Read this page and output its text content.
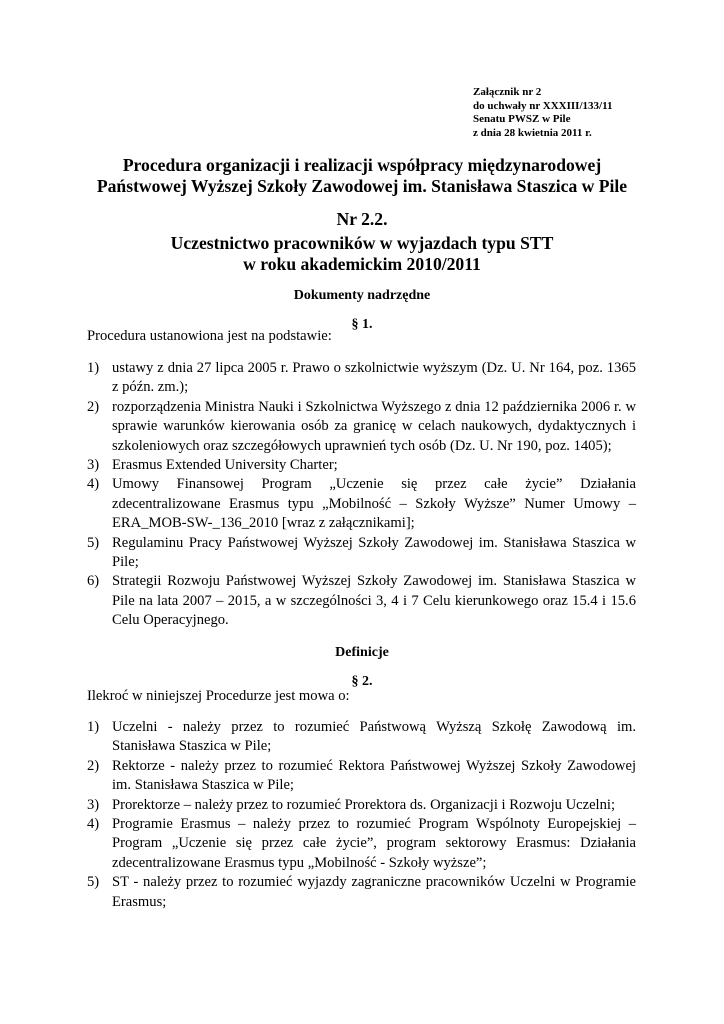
Załącznik nr 2
do uchwały nr XXXIII/133/11
Senatu PWSZ w Pile
z dnia 28 kwietnia 2011 r.
Procedura organizacji i realizacji współpracy międzynarodowej
Państwowej Wyższej Szkoły Zawodowej im. Stanisława Staszica w Pile
Nr 2.2.
Uczestnictwo pracowników w wyjazdach typu STT
w roku akademickim 2010/2011
Dokumenty nadrzędne
§ 1.
Procedura ustanowiona jest na podstawie:
1) ustawy z dnia 27 lipca 2005 r. Prawo o szkolnictwie wyższym (Dz. U. Nr 164, poz. 1365 z późn. zm.);
2) rozporządzenia Ministra Nauki i Szkolnictwa Wyższego z dnia 12 października 2006 r. w sprawie warunków kierowania osób za granicę w celach naukowych, dydaktycznych i szkoleniowych oraz szczegółowych uprawnień tych osób (Dz. U. Nr 190, poz. 1405);
3) Erasmus Extended University Charter;
4) Umowy Finansowej Program „Uczenie się przez całe życie” Działania zdecentralizowane Erasmus typu „Mobilność – Szkoły Wyższe” Numer Umowy – ERA_MOB-SW-_136_2010 [wraz z załącznikami];
5) Regulaminu Pracy Państwowej Wyższej Szkoły Zawodowej im. Stanisława Staszica w Pile;
6) Strategii Rozwoju Państwowej Wyższej Szkoły Zawodowej im. Stanisława Staszica w Pile na lata 2007 – 2015, a w szczególności 3, 4 i 7 Celu kierunkowego oraz 15.4 i 15.6 Celu Operacyjnego.
Definicje
§ 2.
Ilekroć w niniejszej Procedurze jest mowa o:
1) Uczelni - należy przez to rozumieć Państwową Wyższą Szkołę Zawodową im. Stanisława Staszica w Pile;
2) Rektorze - należy przez to rozumieć Rektora Państwowej Wyższej Szkoły Zawodowej im. Stanisława Staszica w Pile;
3) Prorektorze – należy przez to rozumieć Prorektora ds. Organizacji i Rozwoju Uczelni;
4) Programie Erasmus – należy przez to rozumieć Program Wspólnoty Europejskiej – Program „Uczenie się przez całe życie”, program sektorowy Erasmus: Działania zdecentralizowane Erasmus typu „Mobilność - Szkoły wyższe”;
5) ST - należy przez to rozumieć wyjazdy zagraniczne pracowników Uczelni w Programie Erasmus;
